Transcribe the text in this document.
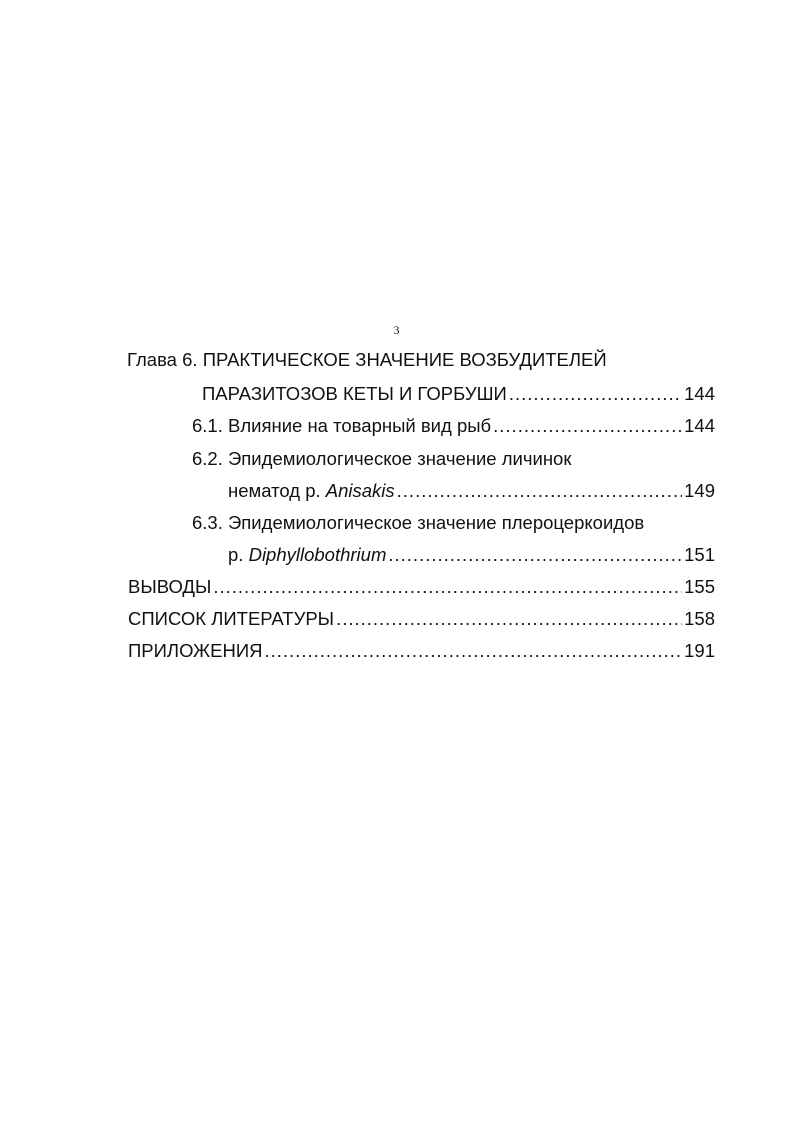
3
Глава 6. ПРАКТИЧЕСКОЕ ЗНАЧЕНИЕ ВОЗБУДИТЕЛЕЙ
ПАРАЗИТОЗОВ КЕТЫ И ГОРБУШИ .....	144
6.1. Влияние на товарный вид рыб .....	144
6.2. Эпидемиологическое значение личинок
нематод р. Anisakis .....	149
6.3. Эпидемиологическое значение плероцеркоидов
р. Diphyllobothrium .....	151
ВЫВОДЫ .....	155
СПИСОК ЛИТЕРАТУРЫ .....	158
ПРИЛОЖЕНИЯ .....	191
